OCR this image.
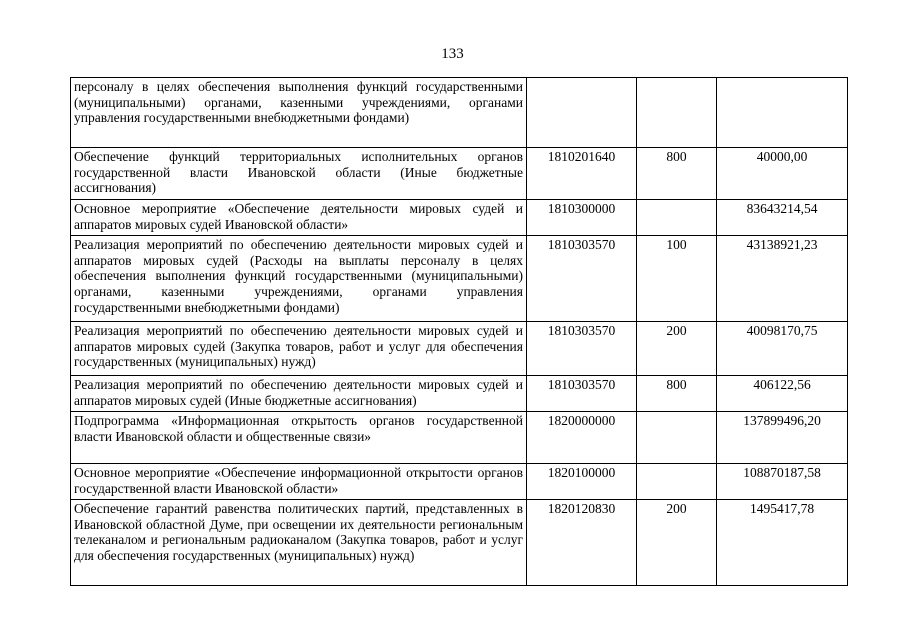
133
персоналу в целях обеспечения выполнения функций государственными (муниципальными) органами, казенными учреждениями, органами управления государственными внебюджетными фондами)			
Обеспечение функций территориальных исполнительных органов государственной власти Ивановской области (Иные бюджетные ассигнования)	1810201640	800	40000,00
Основное мероприятие «Обеспечение деятельности мировых судей и аппаратов мировых судей Ивановской области»	1810300000		83643214,54
Реализация мероприятий по обеспечению деятельности мировых судей и аппаратов мировых судей (Расходы на выплаты персоналу в целях обеспечения выполнения функций государственными (муниципальными) органами, казенными учреждениями, органами управления государственными внебюджетными фондами)	1810303570	100	43138921,23
Реализация мероприятий по обеспечению деятельности мировых судей и аппаратов мировых судей (Закупка товаров, работ и услуг для обеспечения государственных (муниципальных) нужд)	1810303570	200	40098170,75
Реализация мероприятий по обеспечению деятельности мировых судей и аппаратов мировых судей (Иные бюджетные ассигнования)	1810303570	800	406122,56
Подпрограмма «Информационная открытость органов государственной власти Ивановской области и общественные связи»	1820000000		137899496,20
Основное мероприятие «Обеспечение информационной открытости органов государственной власти Ивановской области»	1820100000		108870187,58
Обеспечение гарантий равенства политических партий, представленных в Ивановской областной Думе, при освещении их деятельности региональным телеканалом и региональным радиоканалом (Закупка товаров, работ и услуг для обеспечения государственных (муниципальных) нужд)	1820120830	200	1495417,78
